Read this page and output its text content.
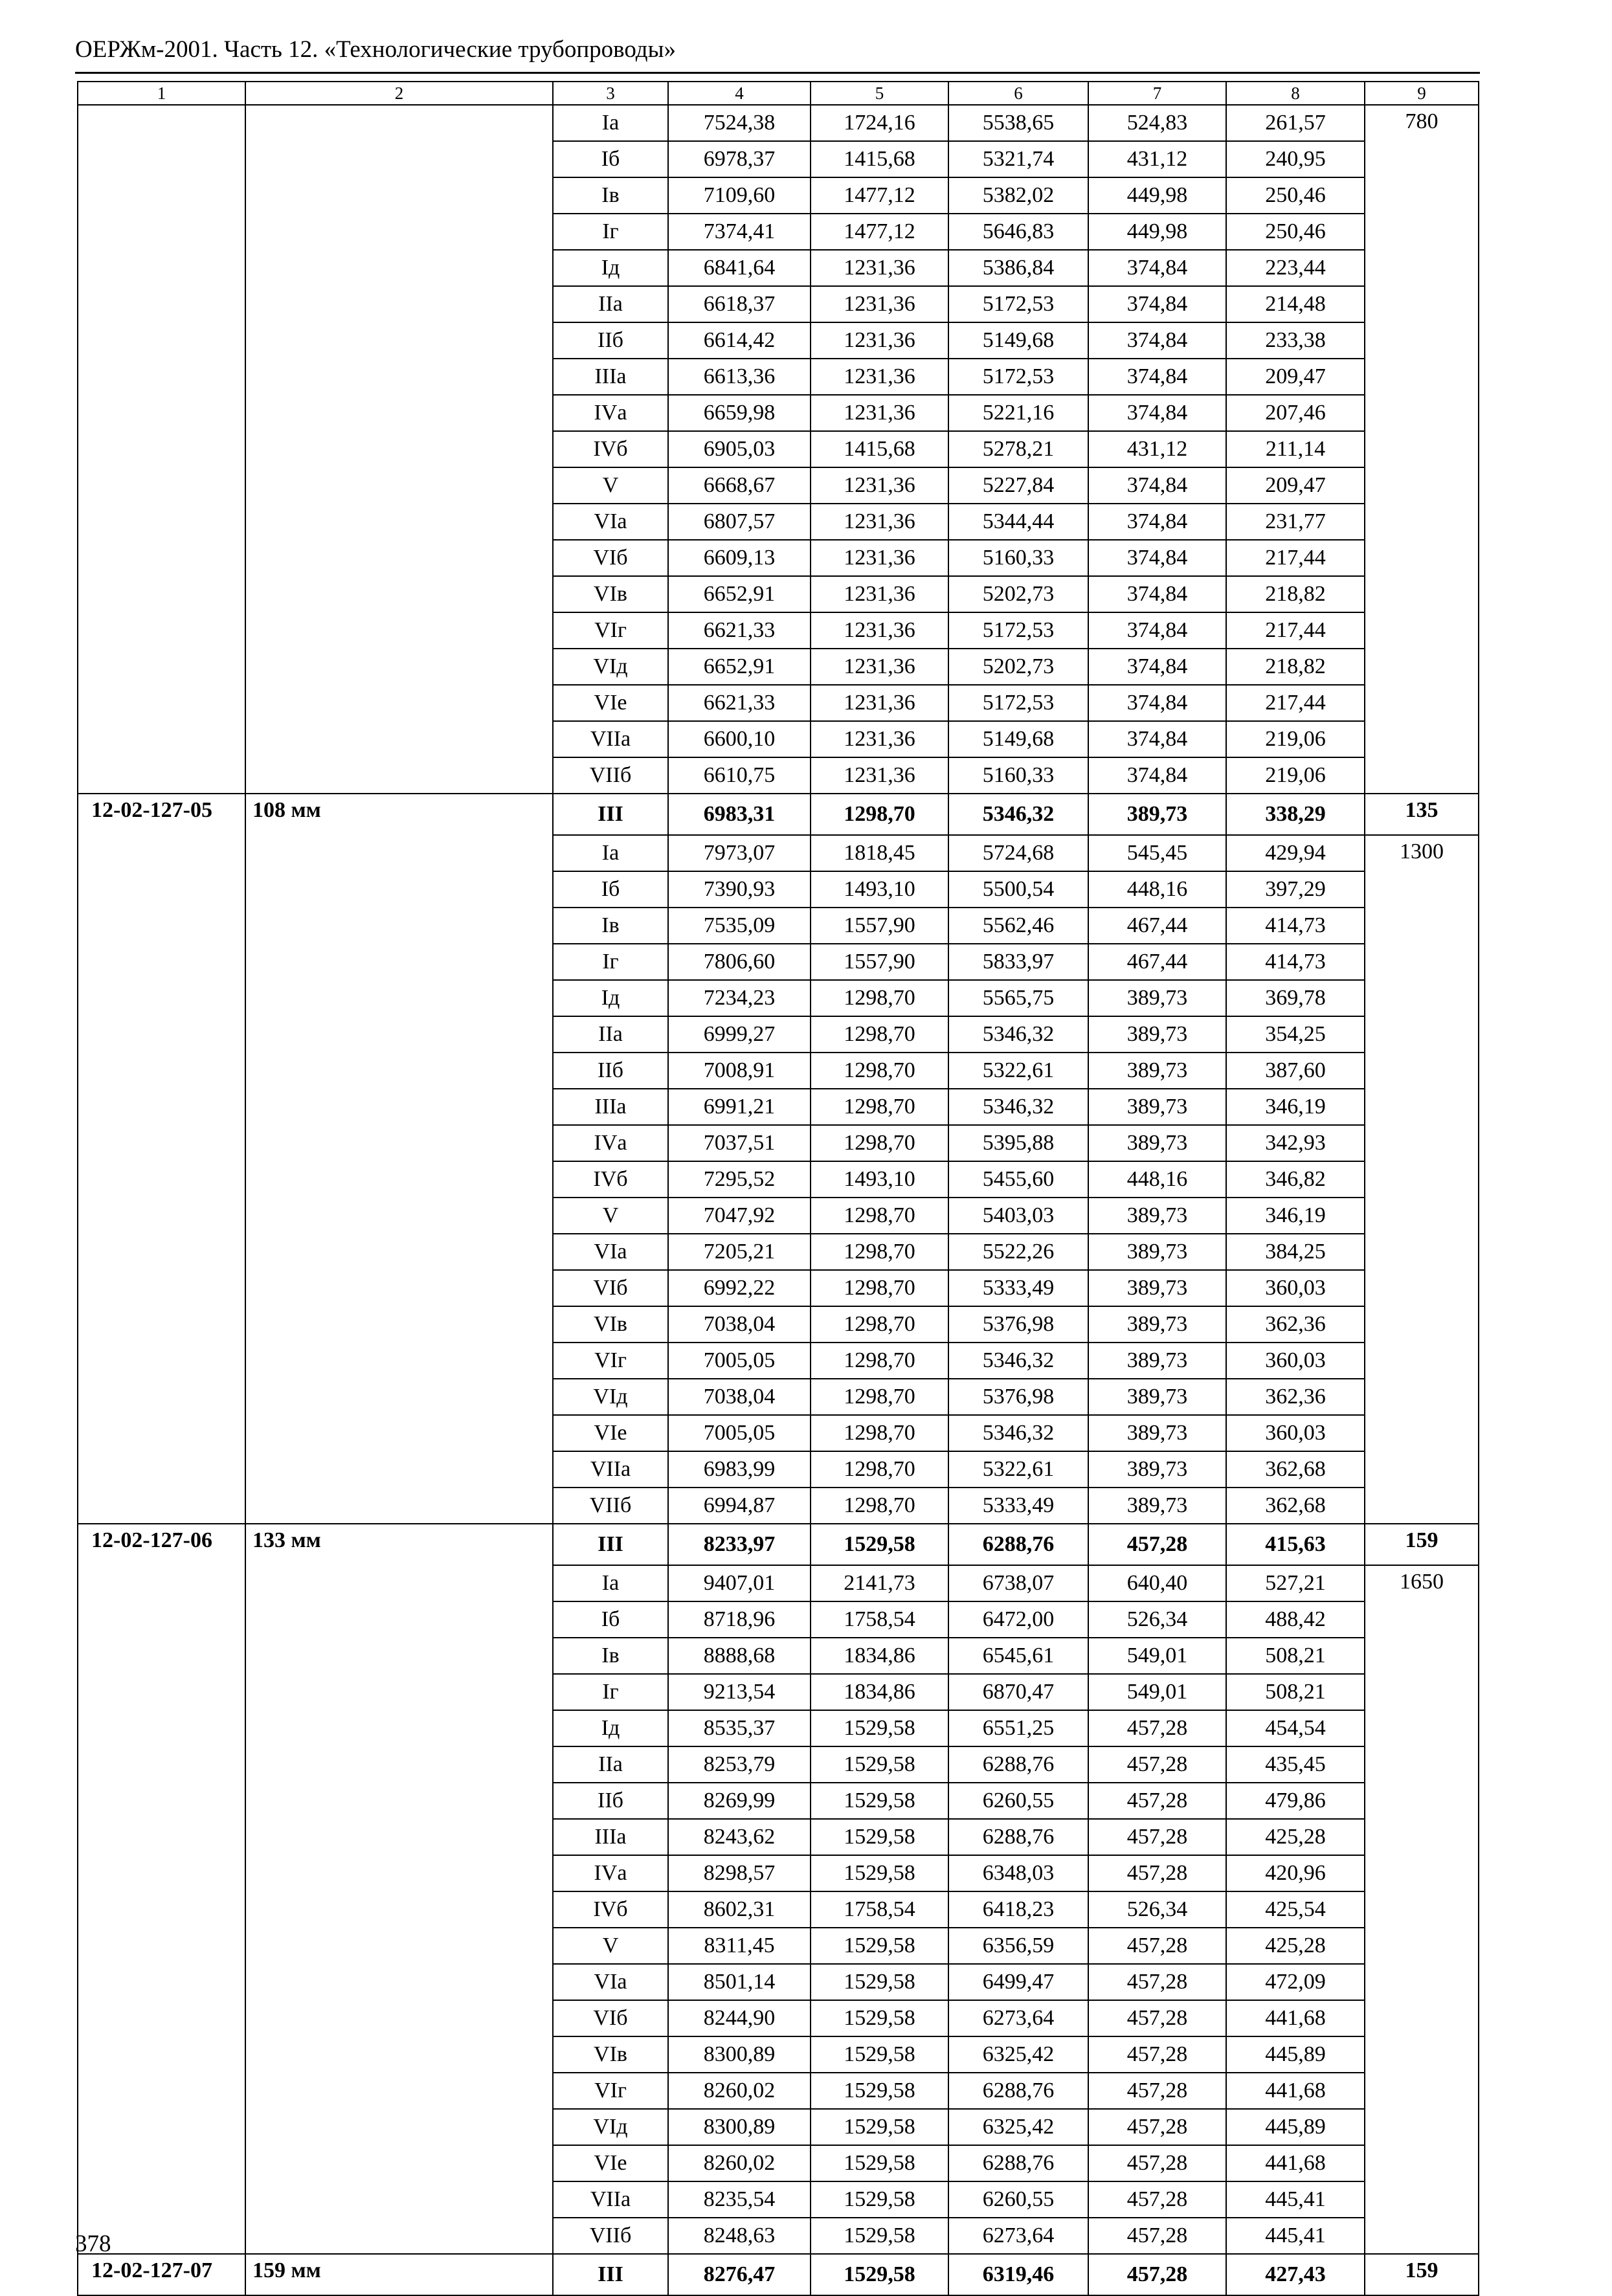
ОЕРЖм-2001. Часть 12. «Технологические трубопроводы»
1	2	3	4	5	6	7	8	9
		Iа	7524,38	1724,16	5538,65	524,83	261,57	780
		Iб	6978,37	1415,68	5321,74	431,12	240,95	
		Iв	7109,60	1477,12	5382,02	449,98	250,46	
		Iг	7374,41	1477,12	5646,83	449,98	250,46	
		Iд	6841,64	1231,36	5386,84	374,84	223,44	
		IIа	6618,37	1231,36	5172,53	374,84	214,48	
		IIб	6614,42	1231,36	5149,68	374,84	233,38	
		IIIа	6613,36	1231,36	5172,53	374,84	209,47	
		IVа	6659,98	1231,36	5221,16	374,84	207,46	
		IVб	6905,03	1415,68	5278,21	431,12	211,14	
		V	6668,67	1231,36	5227,84	374,84	209,47	
		VIа	6807,57	1231,36	5344,44	374,84	231,77	
		VIб	6609,13	1231,36	5160,33	374,84	217,44	
		VIв	6652,91	1231,36	5202,73	374,84	218,82	
		VIг	6621,33	1231,36	5172,53	374,84	217,44	
		VIд	6652,91	1231,36	5202,73	374,84	218,82	
		VIе	6621,33	1231,36	5172,53	374,84	217,44	
		VIIа	6600,10	1231,36	5149,68	374,84	219,06	
		VIIб	6610,75	1231,36	5160,33	374,84	219,06	
12-02-127-05	108 мм	III	6983,31	1298,70	5346,32	389,73	338,29	135
		Iа	7973,07	1818,45	5724,68	545,45	429,94	1300
		Iб	7390,93	1493,10	5500,54	448,16	397,29	
		Iв	7535,09	1557,90	5562,46	467,44	414,73	
		Iг	7806,60	1557,90	5833,97	467,44	414,73	
		Iд	7234,23	1298,70	5565,75	389,73	369,78	
		IIа	6999,27	1298,70	5346,32	389,73	354,25	
		IIб	7008,91	1298,70	5322,61	389,73	387,60	
		IIIа	6991,21	1298,70	5346,32	389,73	346,19	
		IVа	7037,51	1298,70	5395,88	389,73	342,93	
		IVб	7295,52	1493,10	5455,60	448,16	346,82	
		V	7047,92	1298,70	5403,03	389,73	346,19	
		VIа	7205,21	1298,70	5522,26	389,73	384,25	
		VIб	6992,22	1298,70	5333,49	389,73	360,03	
		VIв	7038,04	1298,70	5376,98	389,73	362,36	
		VIг	7005,05	1298,70	5346,32	389,73	360,03	
		VIд	7038,04	1298,70	5376,98	389,73	362,36	
		VIе	7005,05	1298,70	5346,32	389,73	360,03	
		VIIа	6983,99	1298,70	5322,61	389,73	362,68	
		VIIб	6994,87	1298,70	5333,49	389,73	362,68	
12-02-127-06	133 мм	III	8233,97	1529,58	6288,76	457,28	415,63	159
		Iа	9407,01	2141,73	6738,07	640,40	527,21	1650
		Iб	8718,96	1758,54	6472,00	526,34	488,42	
		Iв	8888,68	1834,86	6545,61	549,01	508,21	
		Iг	9213,54	1834,86	6870,47	549,01	508,21	
		Iд	8535,37	1529,58	6551,25	457,28	454,54	
		IIа	8253,79	1529,58	6288,76	457,28	435,45	
		IIб	8269,99	1529,58	6260,55	457,28	479,86	
		IIIа	8243,62	1529,58	6288,76	457,28	425,28	
		IVа	8298,57	1529,58	6348,03	457,28	420,96	
		IVб	8602,31	1758,54	6418,23	526,34	425,54	
		V	8311,45	1529,58	6356,59	457,28	425,28	
		VIа	8501,14	1529,58	6499,47	457,28	472,09	
		VIб	8244,90	1529,58	6273,64	457,28	441,68	
		VIв	8300,89	1529,58	6325,42	457,28	445,89	
		VIг	8260,02	1529,58	6288,76	457,28	441,68	
		VIд	8300,89	1529,58	6325,42	457,28	445,89	
		VIе	8260,02	1529,58	6288,76	457,28	441,68	
		VIIа	8235,54	1529,58	6260,55	457,28	445,41	
		VIIб	8248,63	1529,58	6273,64	457,28	445,41	
12-02-127-07	159 мм	III	8276,47	1529,58	6319,46	457,28	427,43	159
378
